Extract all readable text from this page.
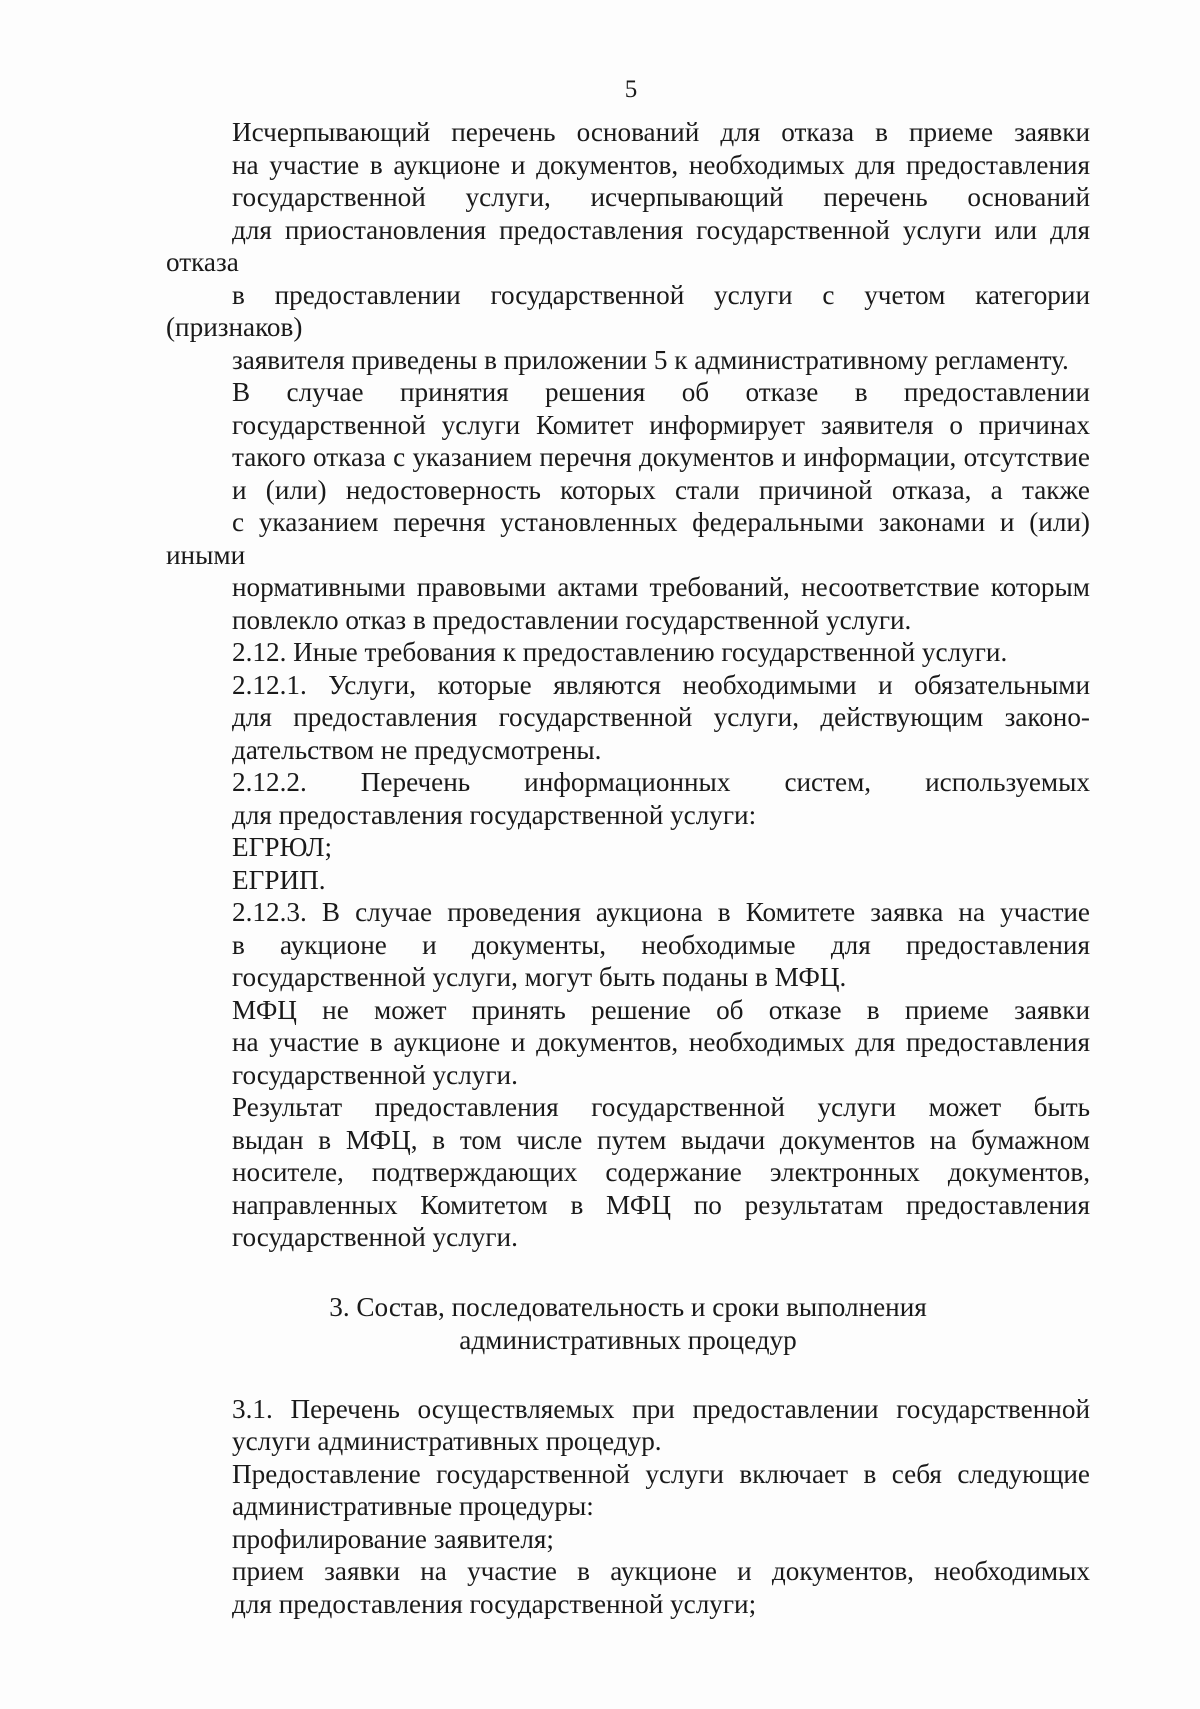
5
Исчерпывающий перечень оснований для отказа в приеме заявки
на участие в аукционе и документов, необходимых для предоставления
государственной услуги, исчерпывающий перечень оснований
для приостановления предоставления государственной услуги или для отказа
в предоставлении государственной услуги с учетом категории (признаков)
заявителя приведены в приложении 5 к административному регламенту.
В случае принятия решения об отказе в предоставлении
государственной услуги Комитет информирует заявителя о причинах
такого отказа с указанием перечня документов и информации, отсутствие
и (или) недостоверность которых стали причиной отказа, а также
с указанием перечня установленных федеральными законами и (или) иными
нормативными правовыми актами требований, несоответствие которым
повлекло отказ в предоставлении государственной услуги.
2.12. Иные требования к предоставлению государственной услуги.
2.12.1. Услуги, которые являются необходимыми и обязательными
для предоставления государственной услуги, действующим законо-
дательством не предусмотрены.
2.12.2. Перечень информационных систем, используемых
для предоставления государственной услуги:
ЕГРЮЛ;
ЕГРИП.
2.12.3. В случае проведения аукциона в Комитете заявка на участие
в аукционе и документы, необходимые для предоставления
государственной услуги, могут быть поданы в МФЦ.
МФЦ не может принять решение об отказе в приеме заявки
на участие в аукционе и документов, необходимых для предоставления
государственной услуги.
Результат предоставления государственной услуги может быть
выдан в МФЦ, в том числе путем выдачи документов на бумажном
носителе, подтверждающих содержание электронных документов,
направленных Комитетом в МФЦ по результатам предоставления
государственной услуги.
3. Состав, последовательность и сроки выполнения
административных процедур
3.1. Перечень осуществляемых при предоставлении государственной
услуги административных процедур.
Предоставление государственной услуги включает в себя следующие
административные процедуры:
профилирование заявителя;
прием заявки на участие в аукционе и документов, необходимых
для предоставления государственной услуги;
